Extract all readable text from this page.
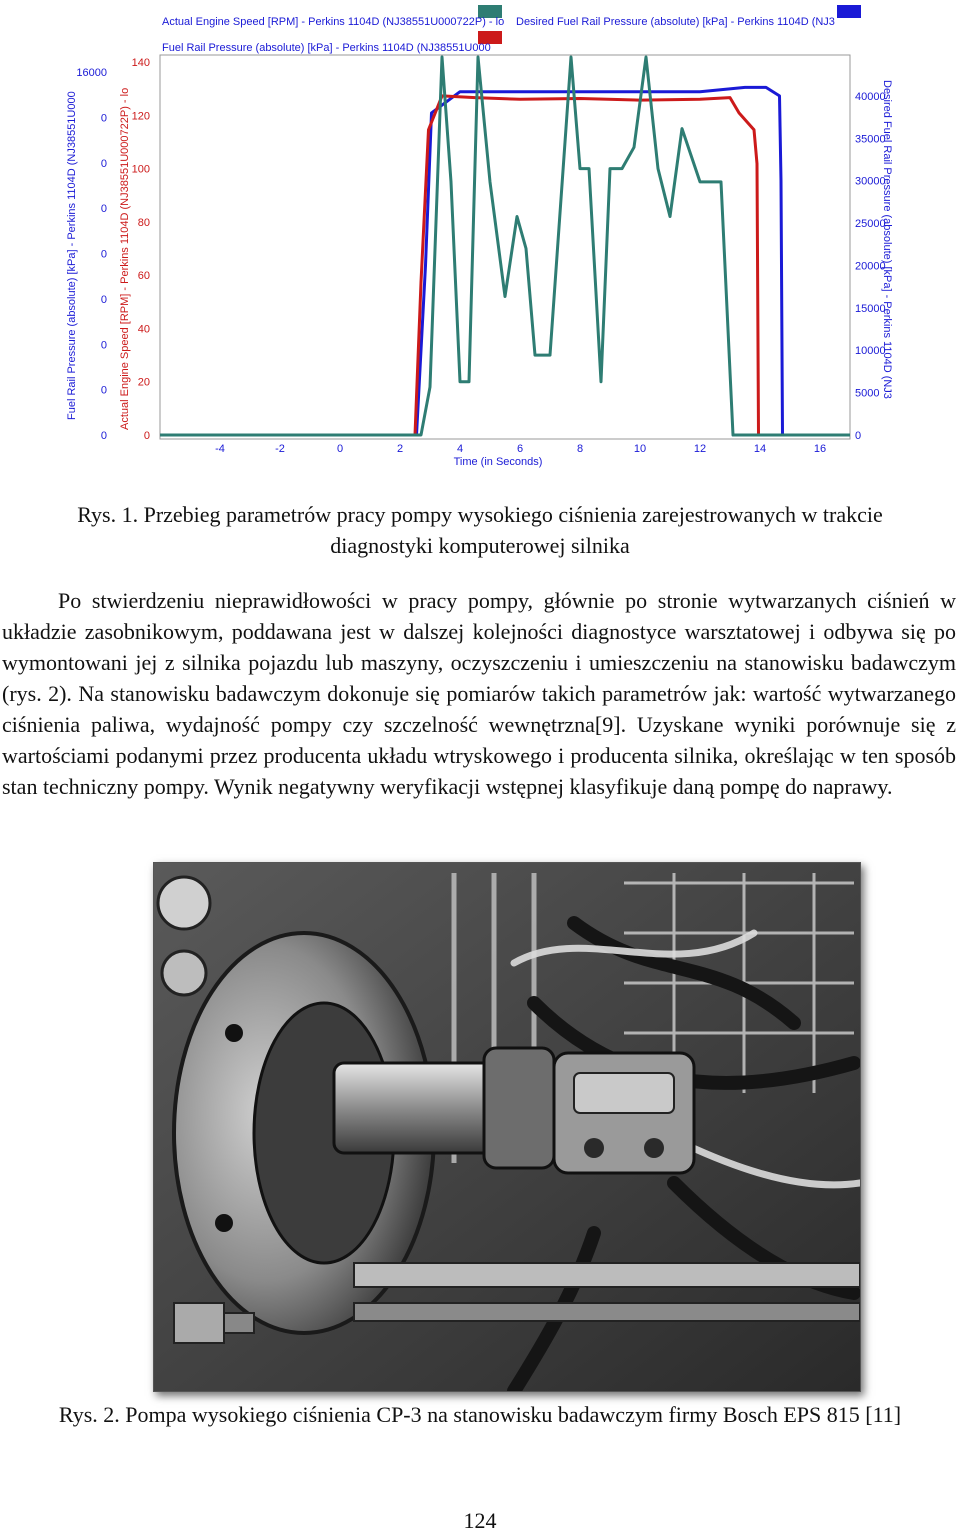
Actual Engine Speed [RPM] - Perkins 1104D (NJ38551U000722P) - lo Desired Fuel Rail Pressure (absolute) [kPa] - Perkins 1104D (NJ3
Fuel Rail Pressure (absolute) [kPa] - Perkins 1104D (NJ38551U000
Fuel Rail Pressure (absolute) [kPa] - Perkins 1104D (NJ38551U000	Actual Engine Speed [RPM] - Perkins 1104D (NJ38551U000722P) - lo	Desired Fuel Rail Pressure (absolute) [kPa] - Perkins 1104D (NJ3
Time (in Seconds)
-4	-2	0	2	4	6	8	10	12	14	16
16000
0
0
0
0
0
0
0
0
140
120
100
80
60
40
20
0
40000
35000
30000
25000
20000
15000
10000
5000
0

Rys. 1. Przebieg parametrów pracy pompy wysokiego ciśnienia zarejestrowanych w trakcie diagnostyki komputerowej silnika

Po stwierdzeniu nieprawidłowości w pracy pompy, głównie po stronie wytwarzanych ciśnień w układzie zasobnikowym, poddawana jest w dalszej kolejności diagnostyce warsztatowej i odbywa się po wymontowani jej z silnika pojazdu lub maszyny, oczyszczeniu i umieszczeniu na stanowisku badawczym (rys. 2). Na stanowisku badawczym dokonuje się pomiarów takich parametrów jak: wartość wytwarzanego ciśnienia paliwa, wydajność pompy czy szczelność wewnętrzna[9]. Uzyskane wyniki porównuje się z wartościami podanymi przez producenta układu wtryskowego i producenta silnika, określając w ten sposób stan techniczny pompy. Wynik negatywny weryfikacji wstępnej klasyfikuje daną pompę do naprawy.

Rys. 2. Pompa wysokiego ciśnienia CP-3 na stanowisku badawczym firmy Bosch EPS 815 [11]

124
